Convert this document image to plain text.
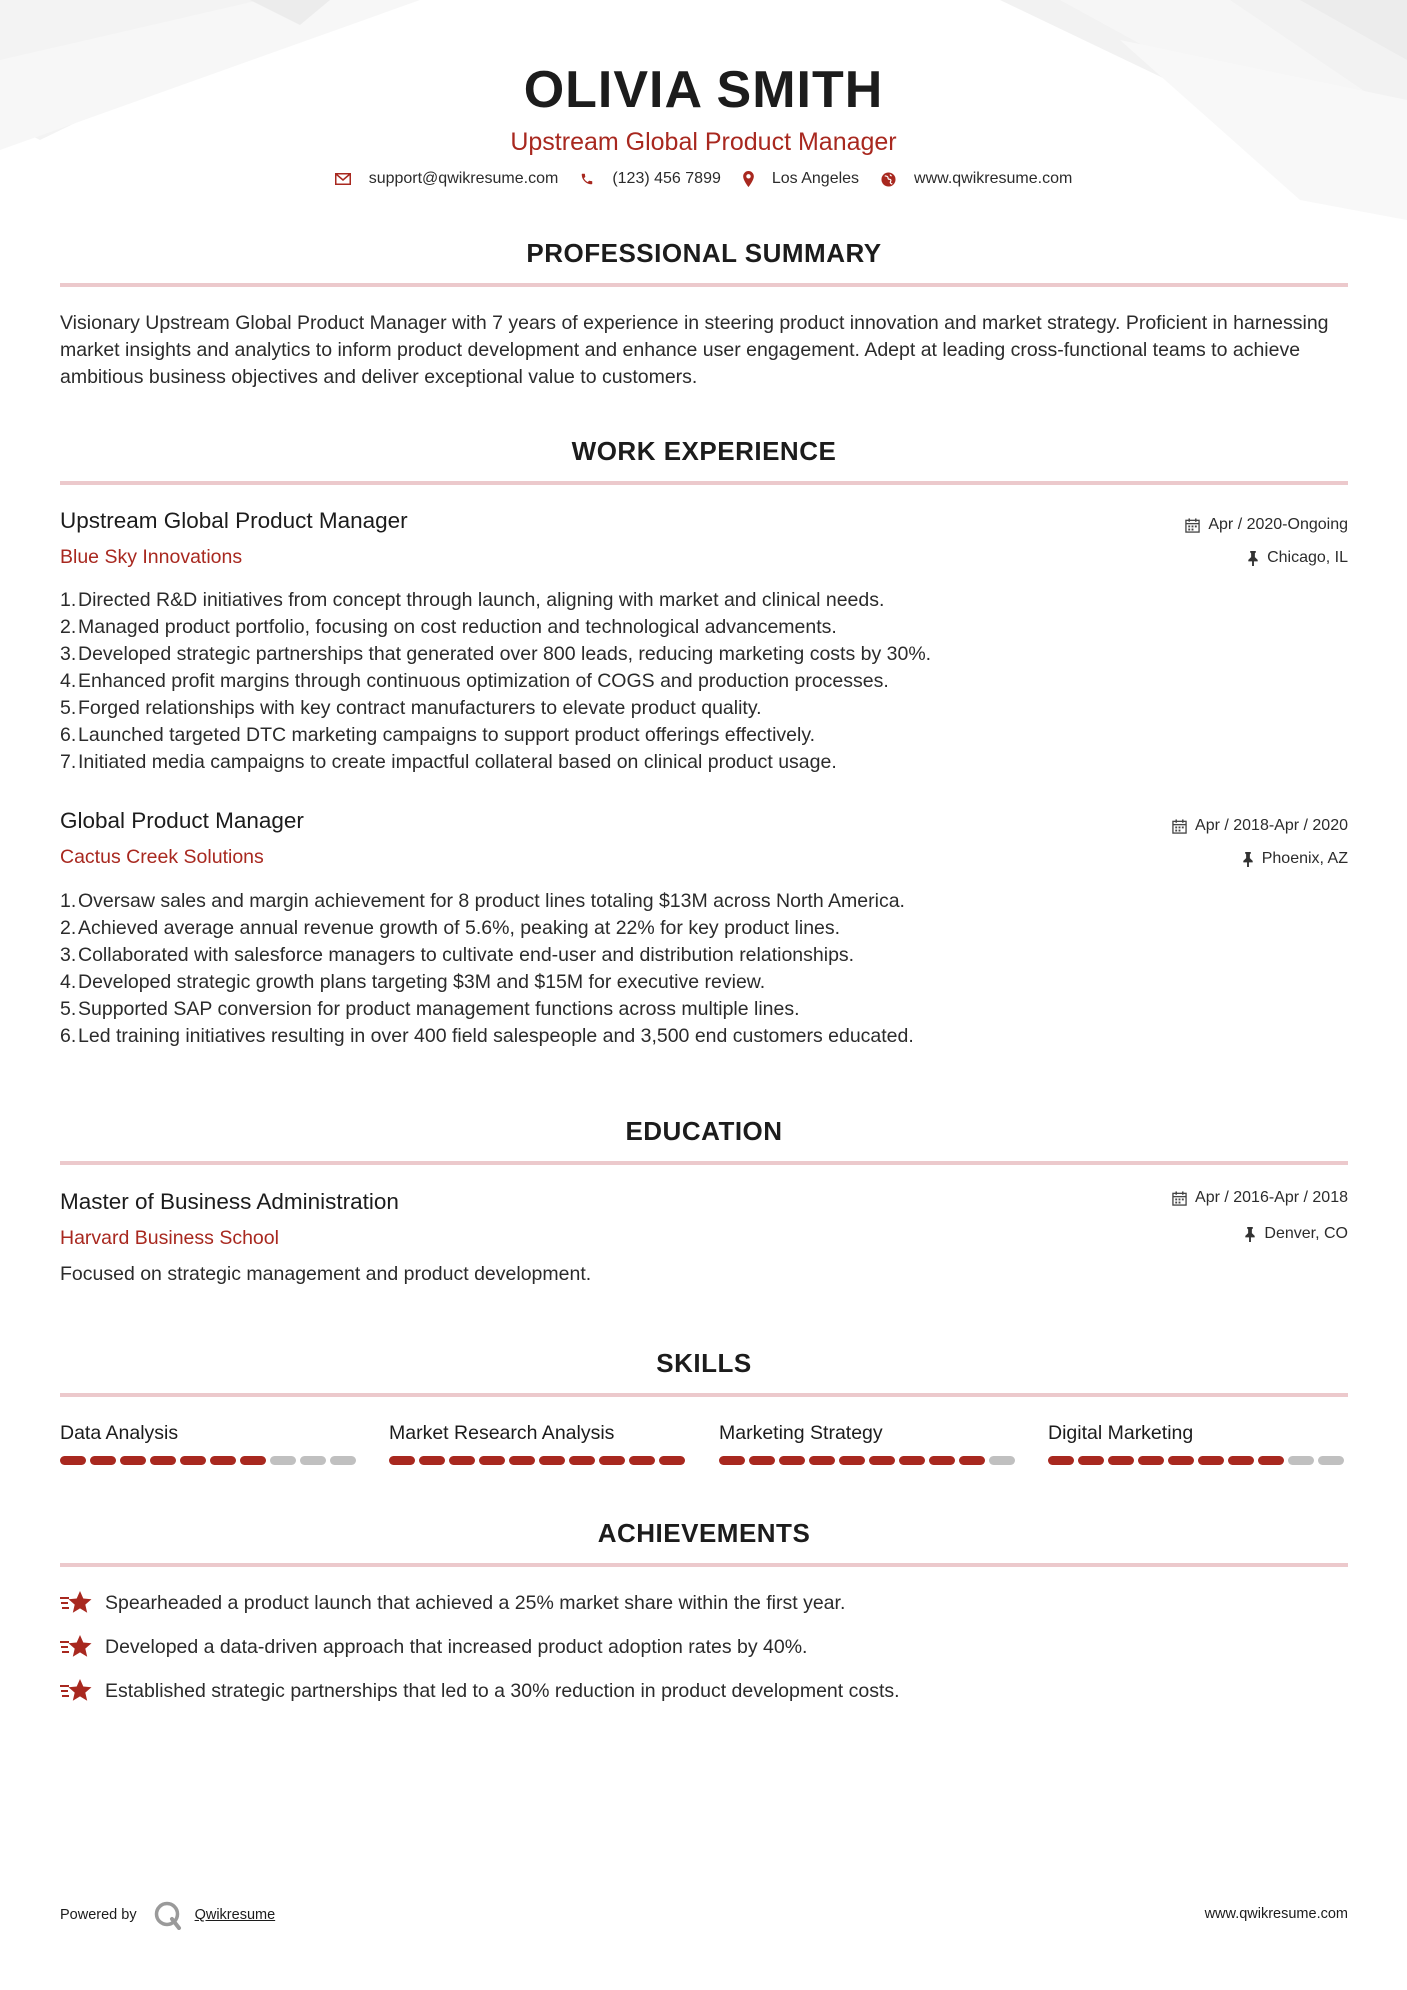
OLIVIA SMITH
Upstream Global Product Manager
support@qwikresume.com	(123) 456 7899	Los Angeles	www.qwikresume.com
PROFESSIONAL SUMMARY
Visionary Upstream Global Product Manager with 7 years of experience in steering product innovation and market strategy. Proficient in harnessing market insights and analytics to inform product development and enhance user engagement. Adept at leading cross-functional teams to achieve ambitious business objectives and deliver exceptional value to customers.
WORK EXPERIENCE
Upstream Global Product Manager
Blue Sky Innovations
Apr / 2020-Ongoing
Chicago, IL
1. Directed R&D initiatives from concept through launch, aligning with market and clinical needs.
2. Managed product portfolio, focusing on cost reduction and technological advancements.
3. Developed strategic partnerships that generated over 800 leads, reducing marketing costs by 30%.
4. Enhanced profit margins through continuous optimization of COGS and production processes.
5. Forged relationships with key contract manufacturers to elevate product quality.
6. Launched targeted DTC marketing campaigns to support product offerings effectively.
7. Initiated media campaigns to create impactful collateral based on clinical product usage.
Global Product Manager
Cactus Creek Solutions
Apr / 2018-Apr / 2020
Phoenix, AZ
1. Oversaw sales and margin achievement for 8 product lines totaling $13M across North America.
2. Achieved average annual revenue growth of 5.6%, peaking at 22% for key product lines.
3. Collaborated with salesforce managers to cultivate end-user and distribution relationships.
4. Developed strategic growth plans targeting $3M and $15M for executive review.
5. Supported SAP conversion for product management functions across multiple lines.
6. Led training initiatives resulting in over 400 field salespeople and 3,500 end customers educated.
EDUCATION
Master of Business Administration
Harvard Business School
Apr / 2016-Apr / 2018
Denver, CO
Focused on strategic management and product development.
SKILLS
Data Analysis	Market Research Analysis	Marketing Strategy	Digital Marketing
ACHIEVEMENTS
Spearheaded a product launch that achieved a 25% market share within the first year.
Developed a data-driven approach that increased product adoption rates by 40%.
Established strategic partnerships that led to a 30% reduction in product development costs.
Powered by	Qwikresume	www.qwikresume.com
